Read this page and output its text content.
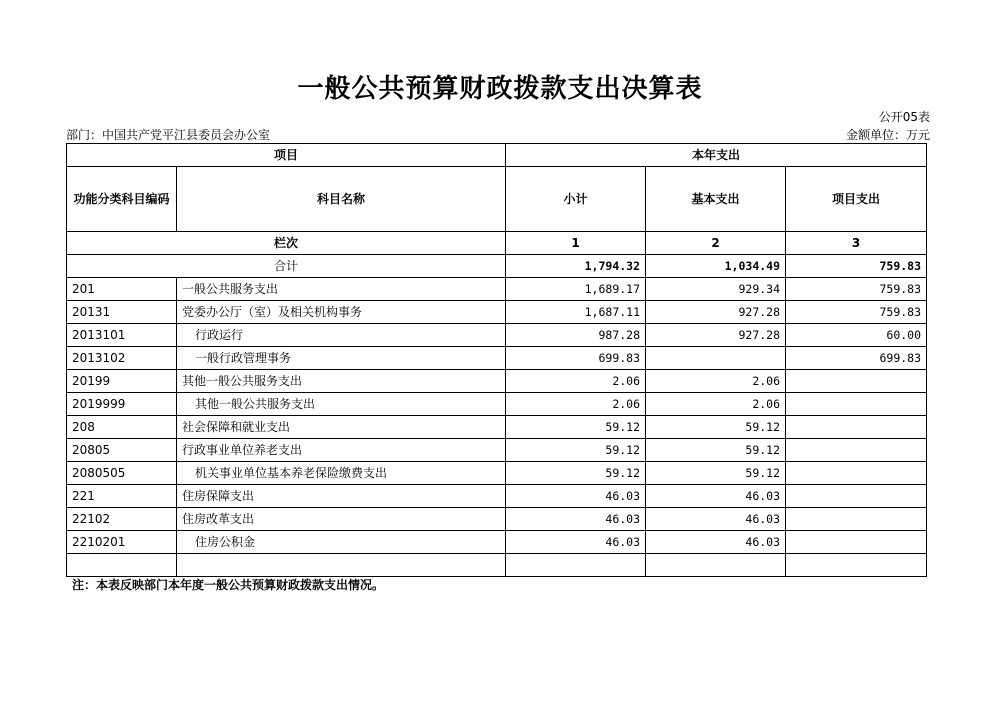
一般公共预算财政拨款支出决算表
公开05表
部门：中国共产党平江县委员会办公室	金额单位：万元
项目		本年支出		
功能分类科目编码	科目名称	小计	基本支出	项目支出
栏次		1	2	3
合计		1,794.32	1,034.49	759.83
201	一般公共服务支出	1,689.17	929.34	759.83
20131	党委办公厅（室）及相关机构事务	1,687.11	927.28	759.83
2013101	行政运行	987.28	927.28	60.00
2013102	一般行政管理事务	699.83		699.83
20199	其他一般公共服务支出	2.06	2.06	
2019999	其他一般公共服务支出	2.06	2.06	
208	社会保障和就业支出	59.12	59.12	
20805	行政事业单位养老支出	59.12	59.12	
2080505	机关事业单位基本养老保险缴费支出	59.12	59.12	
221	住房保障支出	46.03	46.03	
22102	住房改革支出	46.03	46.03	
2210201	住房公积金	46.03	46.03	

注：本表反映部门本年度一般公共预算财政拨款支出情况。
